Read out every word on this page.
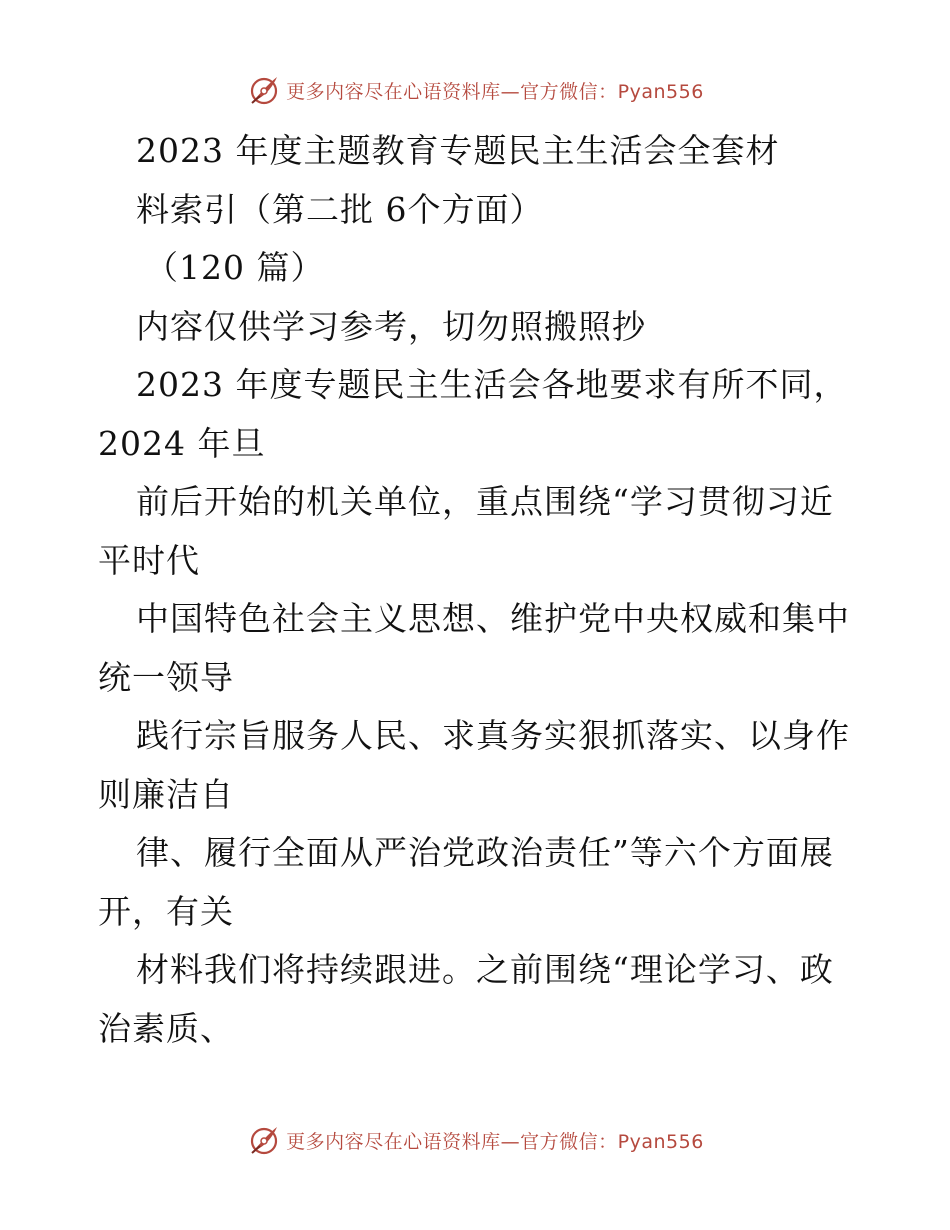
更多内容尽在心语资料库—官方微信：Pyan556
2023 年度主题教育专题民主生活会全套材
料索引（第二批 6个方面）
（120 篇）
内容仅供学习参考，切勿照搬照抄
2023 年度专题民主生活会各地要求有所不同，
2024 年旦
前后开始的机关单位，重点围绕“学习贯彻习近
平时代
中国特色社会主义思想、维护党中央权威和集中
统一领导
践行宗旨服务人民、求真务实狠抓落实、以身作
则廉洁自
律、履行全面从严治党政治责任”等六个方面展
开，有关
材料我们将持续跟进。之前围绕“理论学习、政
治素质、
更多内容尽在心语资料库—官方微信：Pyan556
